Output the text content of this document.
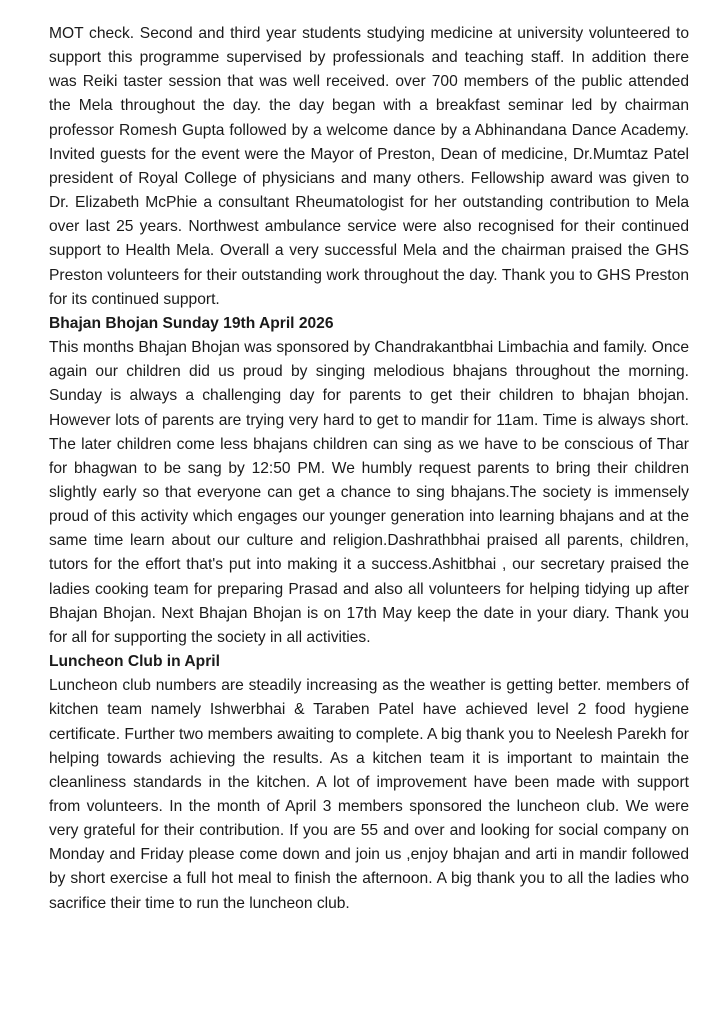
MOT check. Second and third year students studying medicine at university volunteered to support this programme supervised by professionals and teaching staff. In addition there was Reiki taster session that was well received. over 700 members of the public attended the Mela throughout the day. the day began with a breakfast seminar led by chairman professor Romesh Gupta followed by a welcome dance by a Abhinandana Dance Academy. Invited guests for the event were the Mayor of Preston, Dean of medicine, Dr.Mumtaz Patel president of Royal College of physicians and many others. Fellowship award was given to Dr. Elizabeth McPhie a consultant Rheumatologist for her outstanding contribution to Mela over last 25 years. Northwest ambulance service were also recognised for their continued support to Health Mela. Overall a very successful Mela and the chairman praised the GHS Preston volunteers for their outstanding work throughout the day. Thank you to GHS Preston for its continued support.

Bhajan Bhojan Sunday 19th April 2026

This months Bhajan Bhojan was sponsored by Chandrakantbhai Limbachia and family. Once again our children did us proud by singing melodious bhajans throughout the morning. Sunday is always a challenging day for parents to get their children to bhajan bhojan. However lots of parents are trying very hard to get to mandir for 11am. Time is always short. The later children come less bhajans children can sing as we have to be conscious of Thar for bhagwan to be sang by 12:50 PM. We humbly request parents to bring their children slightly early so that everyone can get a chance to sing bhajans.The society is immensely proud of this activity which engages our younger generation into learning bhajans and at the same time learn about our culture and religion.Dashrathbhai praised all parents, children, tutors for the effort that's put into making it a success.Ashitbhai , our secretary praised the ladies cooking team for preparing Prasad and also all volunteers for helping tidying up after Bhajan Bhojan. Next Bhajan Bhojan is on 17th May keep the date in your diary. Thank you for all for supporting the society in all activities.

Luncheon Club in April

Luncheon club numbers are steadily increasing as the weather is getting better. members of kitchen team namely Ishwerbhai & Taraben Patel have achieved level 2 food hygiene certificate. Further two members awaiting to complete. A big thank you to Neelesh Parekh for helping towards achieving the results. As a kitchen team it is important to maintain the cleanliness standards in the kitchen. A lot of improvement have been made with support from volunteers. In the month of April 3 members sponsored the luncheon club. We were very grateful for their contribution. If you are 55 and over and looking for social company on Monday and Friday please come down and join us ,enjoy bhajan and arti in mandir followed by short exercise a full hot meal to finish the afternoon. A big thank you to all the ladies who sacrifice their time to run the luncheon club.
